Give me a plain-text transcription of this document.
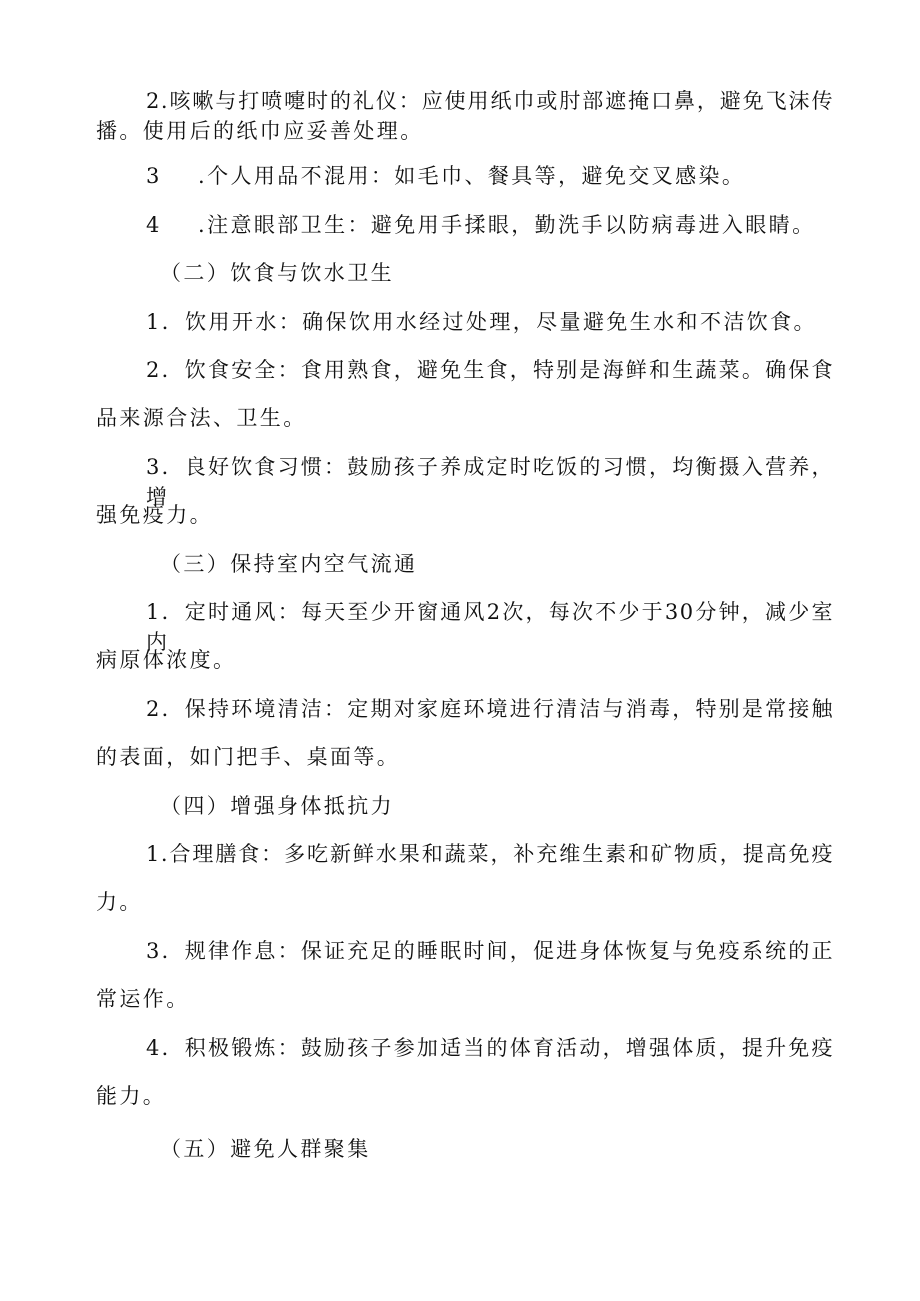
2.咳嗽与打喷嚏时的礼仪：应使用纸巾或肘部遮掩口鼻，避免飞沫传
播。使用后的纸巾应妥善处理。
3 .个人用品不混用：如毛巾、餐具等，避免交叉感染。
4 .注意眼部卫生：避免用手揉眼，勤洗手以防病毒进入眼睛。
（二）饮食与饮水卫生
1．饮用开水：确保饮用水经过处理，尽量避免生水和不洁饮食。
2．饮食安全：食用熟食，避免生食，特别是海鲜和生蔬菜。确保食
品来源合法、卫生。
3．良好饮食习惯：鼓励孩子养成定时吃饭的习惯，均衡摄入营养，增
强免疫力。
（三）保持室内空气流通
1．定时通风：每天至少开窗通风2次，每次不少于30分钟，减少室内
病原体浓度。
2．保持环境清洁：定期对家庭环境进行清洁与消毒，特别是常接触
的表面，如门把手、桌面等。
（四）增强身体抵抗力
1.合理膳食：多吃新鲜水果和蔬菜，补充维生素和矿物质，提高免疫
力。
3．规律作息：保证充足的睡眠时间，促进身体恢复与免疫系统的正
常运作。
4．积极锻炼：鼓励孩子参加适当的体育活动，增强体质，提升免疫
能力。
（五）避免人群聚集
